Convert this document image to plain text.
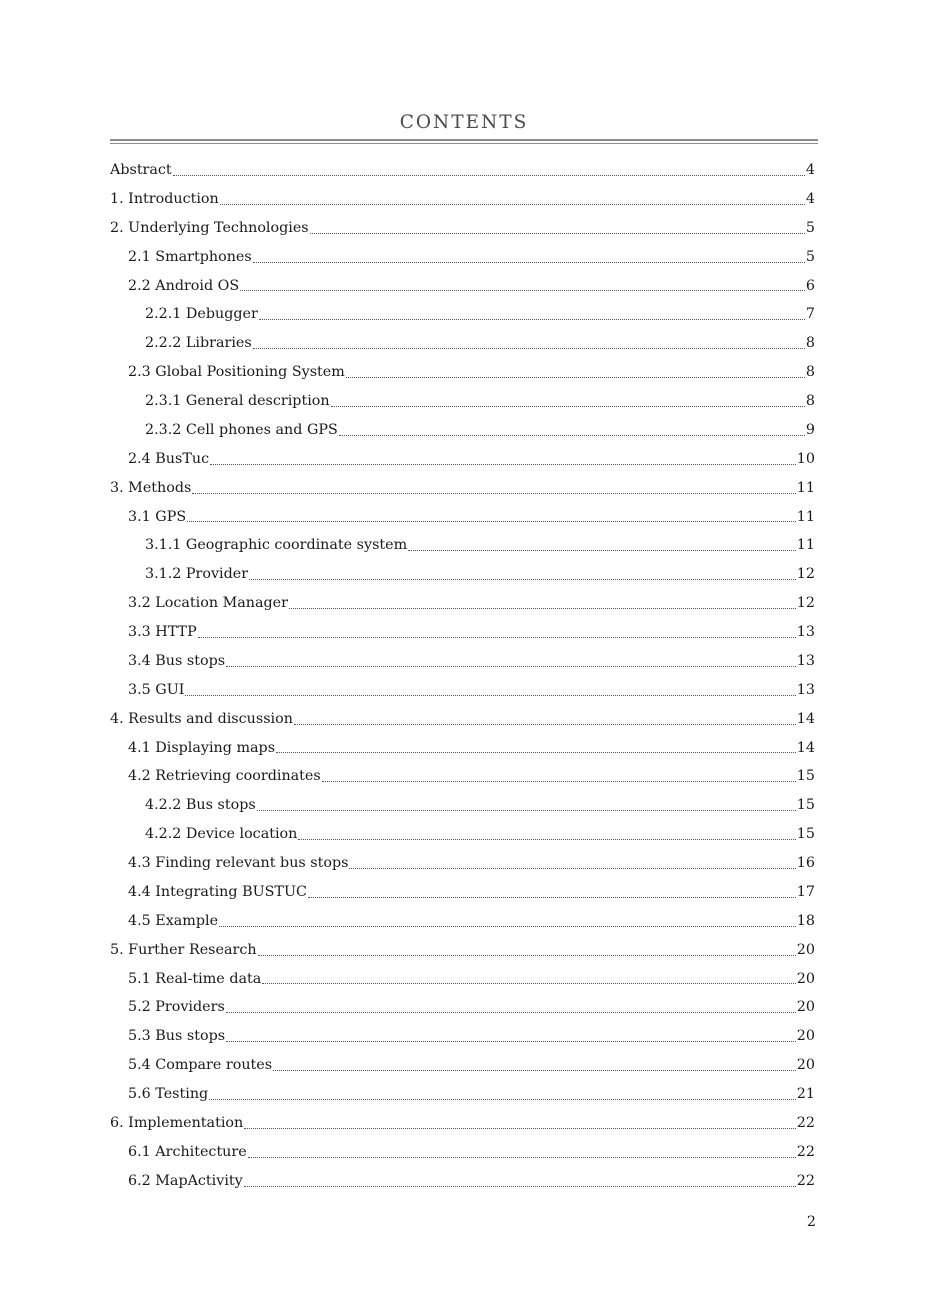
CONTENTS
Abstract	4
1. Introduction	4
2. Underlying Technologies	5
2.1 Smartphones	5
2.2 Android OS	6
2.2.1 Debugger	7
2.2.2 Libraries	8
2.3 Global Positioning System	8
2.3.1 General description	8
2.3.2 Cell phones and GPS	9
2.4 BusTuc	10
3. Methods	11
3.1 GPS	11
3.1.1 Geographic coordinate system	11
3.1.2 Provider	12
3.2 Location Manager	12
3.3 HTTP	13
3.4 Bus stops	13
3.5 GUI	13
4. Results and discussion	14
4.1 Displaying maps	14
4.2 Retrieving coordinates	15
4.2.2 Bus stops	15
4.2.2 Device location	15
4.3 Finding relevant bus stops	16
4.4 Integrating BUSTUC	17
4.5 Example	18
5. Further Research	20
5.1 Real-time data	20
5.2 Providers	20
5.3 Bus stops	20
5.4 Compare routes	20
5.6 Testing	21
6. Implementation	22
6.1 Architecture	22
6.2 MapActivity	22
2
